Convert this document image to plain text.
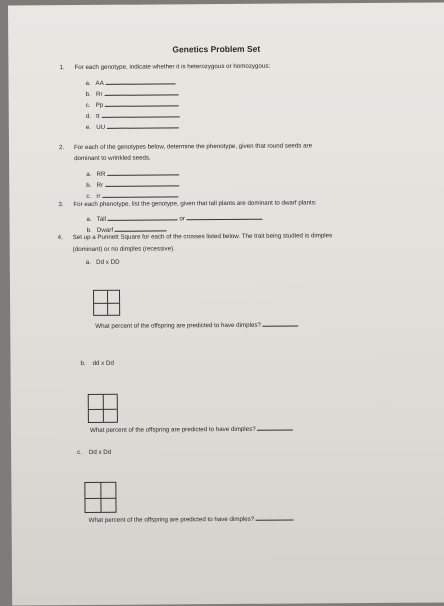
Genetics Problem Set
1. For each genotype, indicate whether it is heterozygous or homozygous:
a. AA
b. Rr
c. Pp
d. tt
e. UU
2. For each of the genotypes below, determine the phenotype, given that round seeds are
dominant to wrinkled seeds.
a. RR
b. Rr
c. rr
3. For each phenotype, list the genotype, given that tall plants are dominant to dwarf plants:
a. Tall	or
b. Dwarf
4. Set up a Punnett Square for each of the crosses listed below. The trait being studied is dimples
(dominant) or no dimples (recessive).
a. Dd x DD
What percent of the offspring are predicted to have dimples?
b. dd x Dd
What percent of the offspring are predicted to have dimples?
c. Dd x Dd
What percent of the offspring are predicted to have dimples?
